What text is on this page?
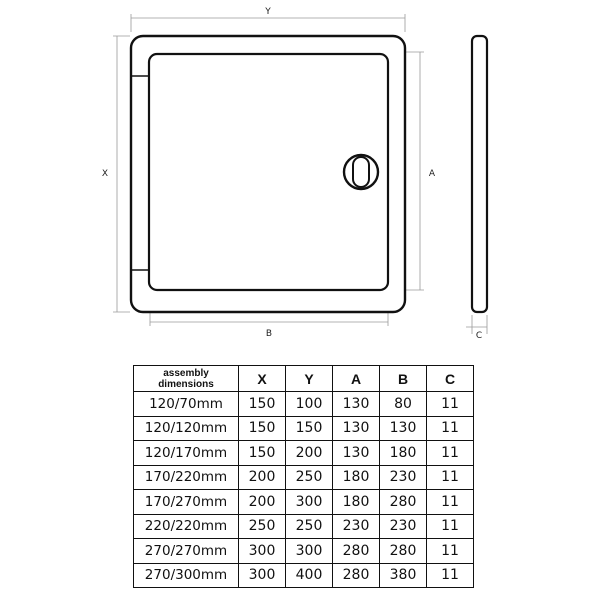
Y
X	A
B	C
assembly
dimensions	X	Y	A	B	C
120/70mm	150	100	130	80	11
120/120mm	150	150	130	130	11
120/170mm	150	200	130	180	11
170/220mm	200	250	180	230	11
170/270mm	200	300	180	280	11
220/220mm	250	250	230	230	11
270/270mm	300	300	280	280	11
270/300mm	300	400	280	380	11
